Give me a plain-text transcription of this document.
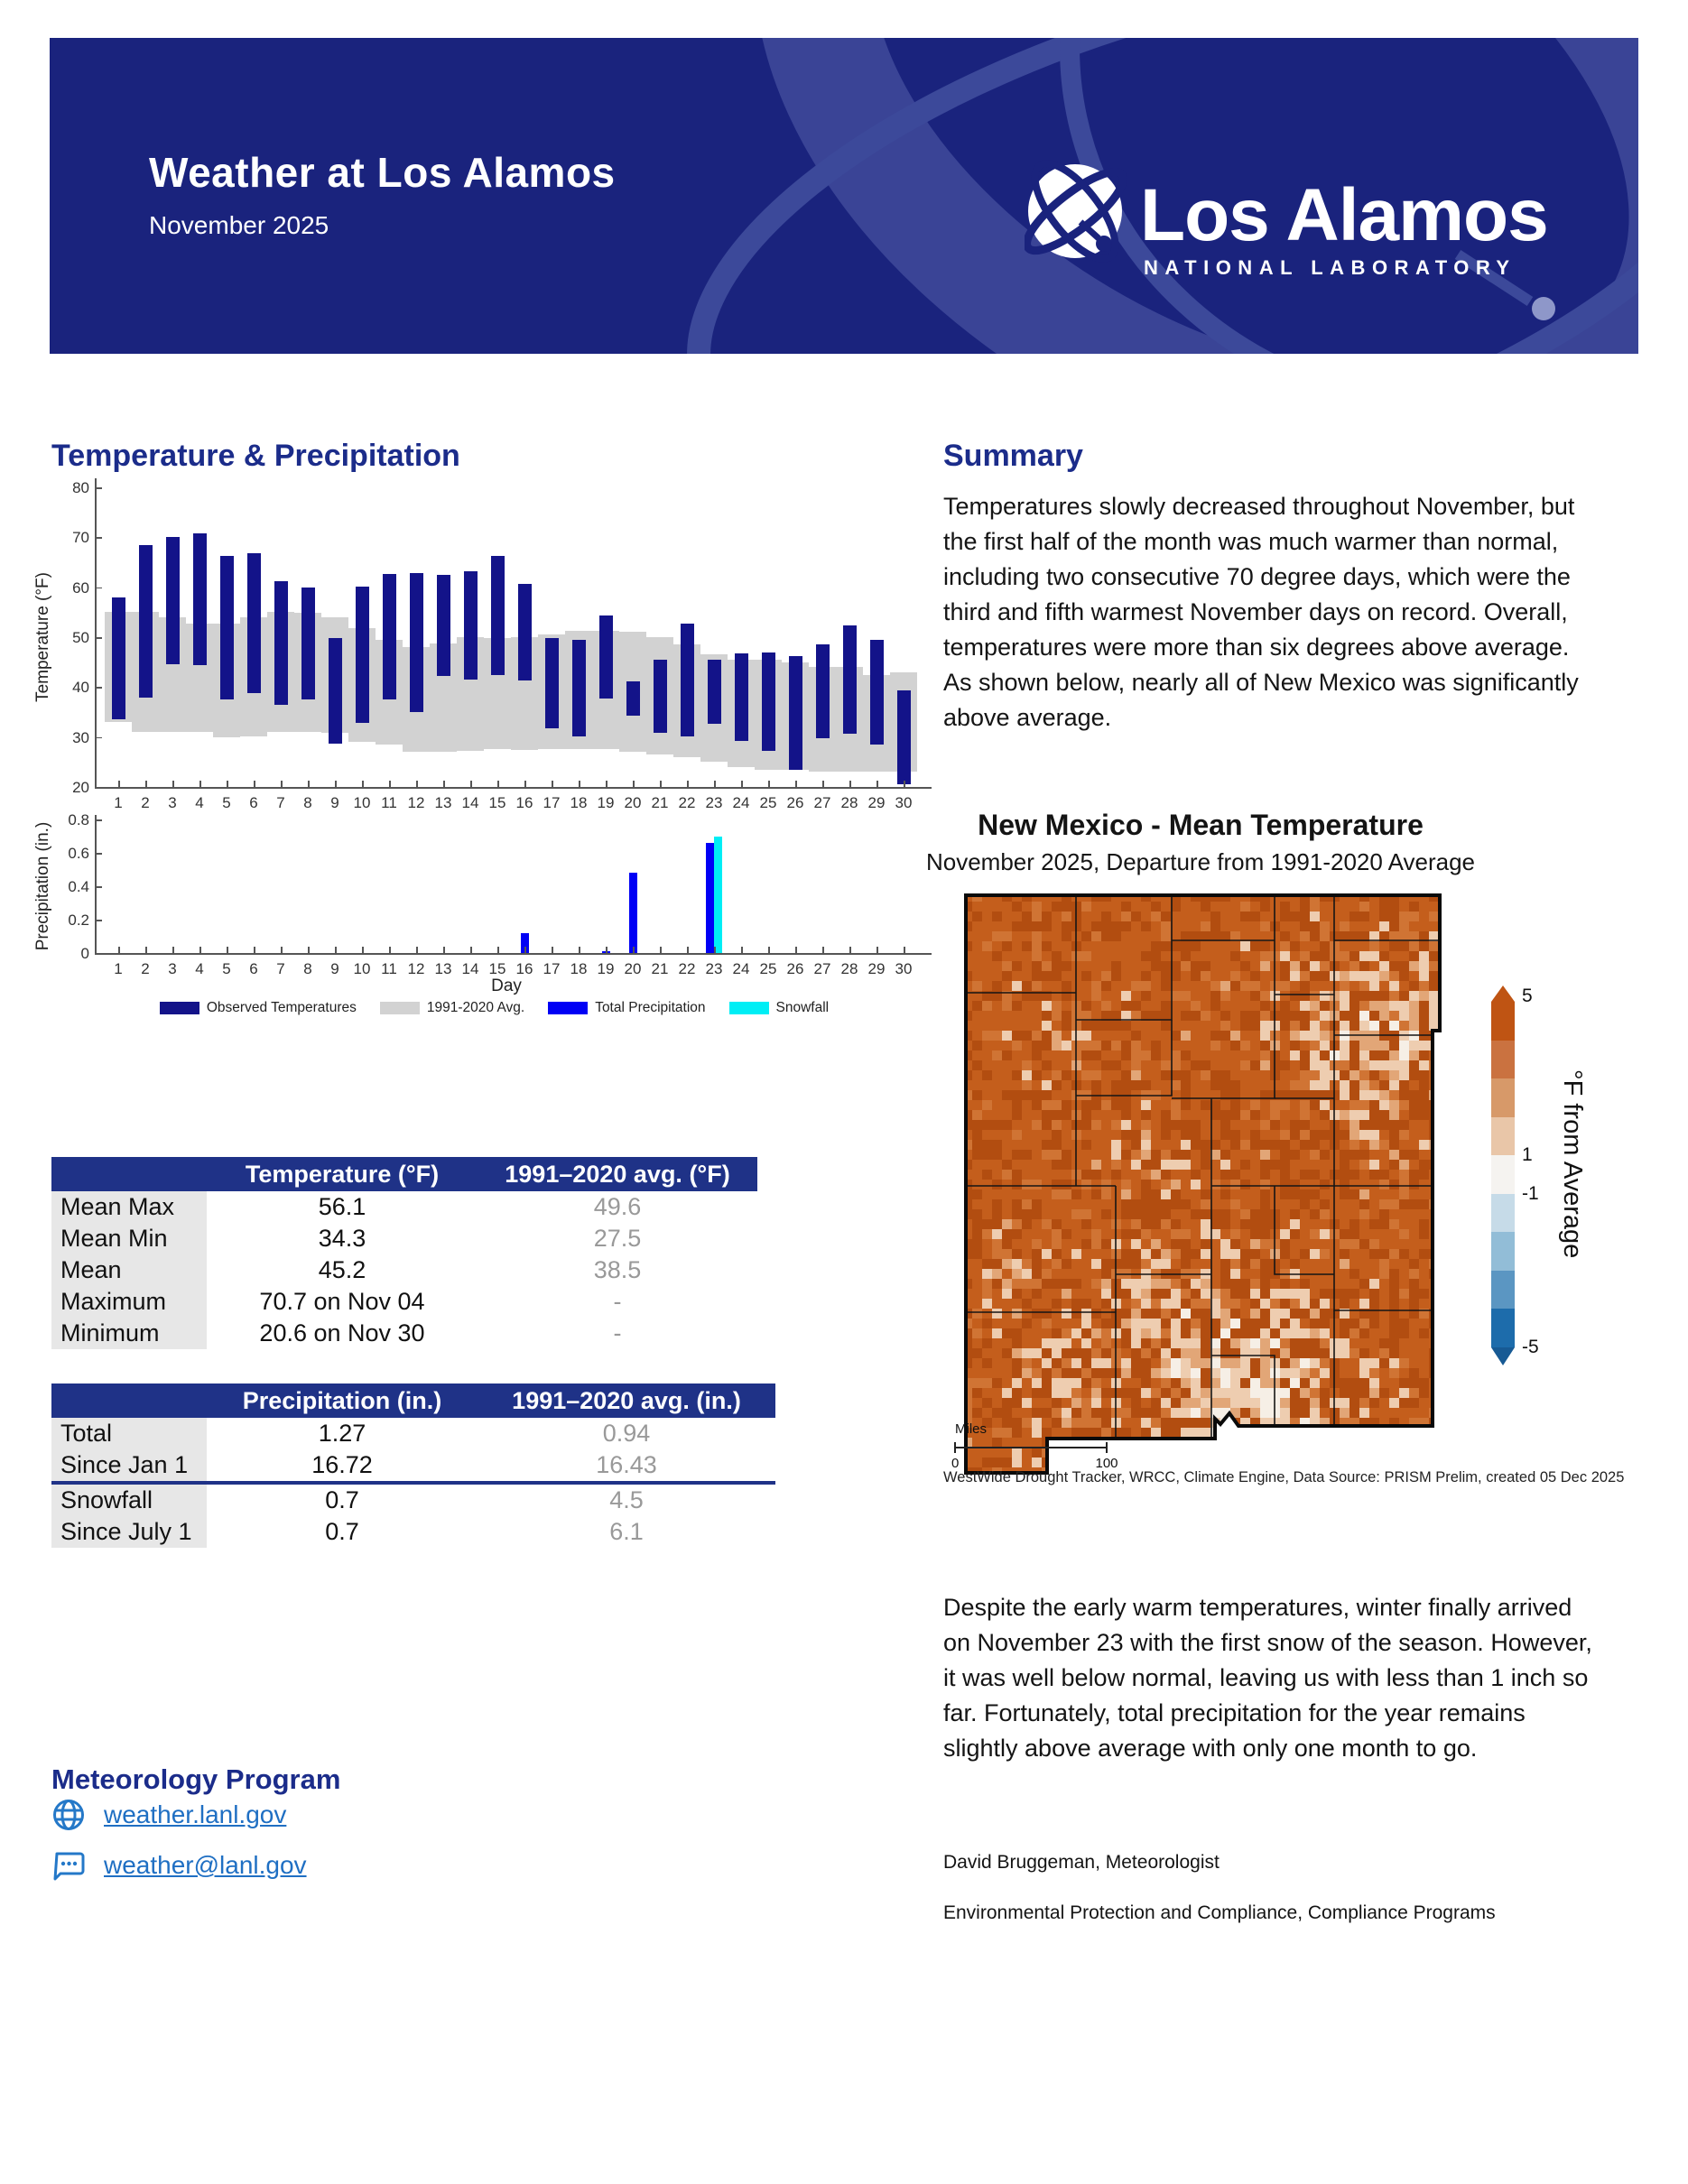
Weather at Los Alamos
November 2025	Los Alamos
NATIONAL LABORATORY
Temperature & Precipitation
20
30
40
50
60
70
80
0
0.2
0.4
0.6
0.8
Temperature (°F)
Precipitation (in.)
1
1
2
2
3
3
4
4
5
5
6
6
7
7
8
8
9
9
10
10
11
11
12
12
13
13
14
14
15
15
16
16
17
17
18
18
19
19
20
20
21
21
22
22
23
23
24
24
25
25
26
26
27
27
28
28
29
29
30
30
Day
Observed Temperatures	1991-2020 Avg.	Total Precipitation	Snowfall
Temperature (°F)	1991–2020 avg. (°F)
Mean Max	56.1	49.6
Mean Min	34.3	27.5
Mean	45.2	38.5
Maximum	70.7 on Nov 04	-
Minimum	20.6 on Nov 30	-
Precipitation (in.)	1991–2020 avg. (in.)
Total	1.27	0.94
Since Jan 1	16.72	16.43
Snowfall	0.7	4.5
Since July 1	0.7	6.1
Meteorology Program
weather.lanl.gov
weather@lanl.gov
Summary

Temperatures slowly decreased throughout November, but the first half of the month was much warmer than normal, including two consecutive 70 degree days, which were the third and fifth warmest November days on record. Overall, temperatures were more than six degrees above average. As shown below, nearly all of New Mexico was significantly above average.

New Mexico - Mean Temperature
November 2025, Departure from 1991-2020 Average
Miles
0	100
5
1
-1
-5
°F from Average
WestWide Drought Tracker, WRCC, Climate Engine, Data Source: PRISM Prelim, created 05 Dec 2025

Despite the early warm temperatures, winter finally arrived on November 23 with the first snow of the season. However, it was well below normal, leaving us with less than 1 inch so far. Fortunately, total precipitation for the year remains slightly above average with only one month to go.

David Bruggeman, Meteorologist
Environmental Protection and Compliance, Compliance Programs
